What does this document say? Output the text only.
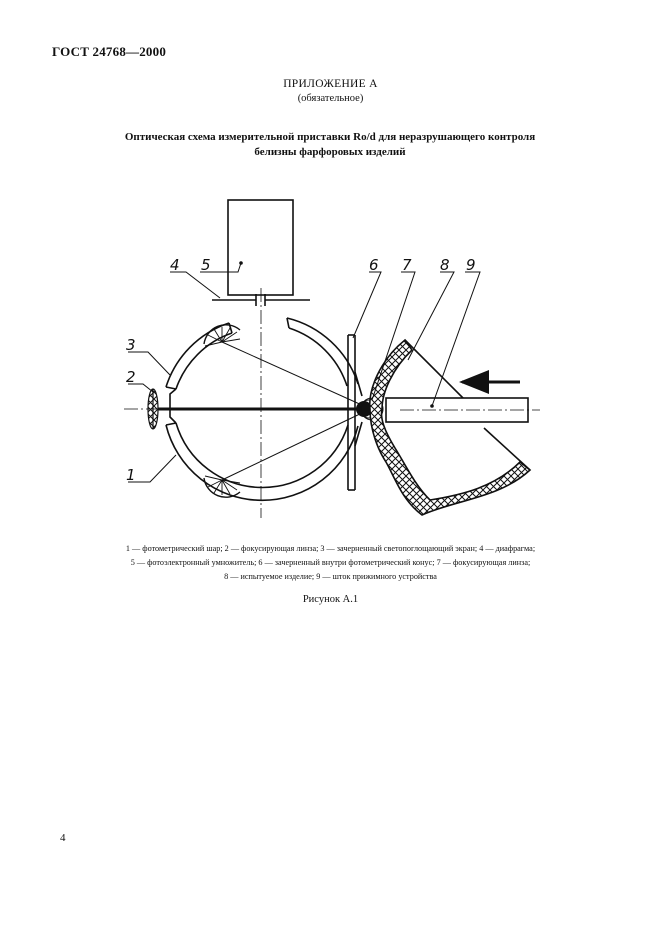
ГОСТ 24768—2000
ПРИЛОЖЕНИЕ А
(обязательное)
Оптическая схема измерительной приставки Ro/d для неразрушающего контроля
белизны фарфоровых изделий
1
2
3
4 5	6 7 8 9
1 — фотометрический шар; 2 — фокусирующая линза; 3 — зачерненный светопоглощающий экран; 4 — диафрагма;
5 — фотоэлектронный умножитель; 6 — зачерненный внутри фотометрический конус; 7 — фокусирующая линза;
8 — испытуемое изделие; 9 — шток прижимного устройства
Рисунок А.1
4
